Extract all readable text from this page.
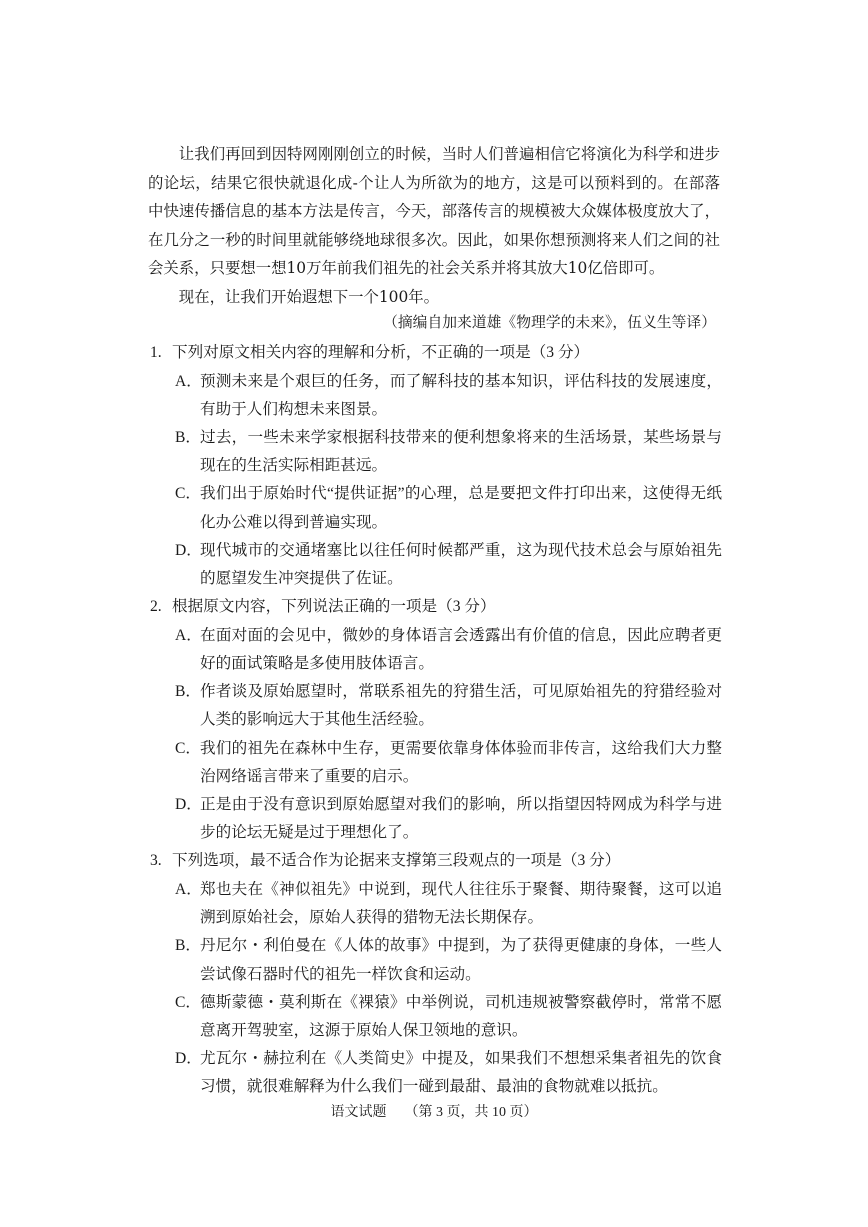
让我们再回到因特网刚刚创立的时候，当时人们普遍相信它将演化为科学和进步的论坛，结果它很快就退化成-个让人为所欲为的地方，这是可以预料到的。在部落中快速传播信息的基本方法是传言，今天，部落传言的规模被大众媒体极度放大了，在几分之一秒的时间里就能够绕地球很多次。因此，如果你想预测将来人们之间的社会关系，只要想一想10万年前我们祖先的社会关系并将其放大10亿倍即可。

现在，让我们开始遐想下一个100年。

（摘编自加来道雄《物理学的未来》，伍义生等译）
1. 下列对原文相关内容的理解和分析，不正确的一项是（3 分）
A．
预测未来是个艰巨的任务，而了解科技的基本知识，评估科技的发展速度，有助于人们构想未来图景。
B． 过去，一些未来学家根据科技带来的便利想象将来的生活场景，某些场景与现在的生活实际相距甚远。
C． 我们出于原始时代“提供证据”的心理，总是要把文件打印出来，这使得无纸化办公难以得到普遍实现。
D．
现代城市的交通堵塞比以往任何时候都严重，这为现代技术总会与原始祖先的愿望发生冲突提供了佐证。
2. 根据原文内容，下列说法正确的一项是（3 分）
A．
在面对面的会见中，微妙的身体语言会透露出有价值的信息，因此应聘者更好的面试策略是多使用肢体语言。
B． 作者谈及原始愿望时，常联系祖先的狩猎生活，可见原始祖先的狩猎经验对人类的影响远大于其他生活经验。
C． 我们的祖先在森林中生存，更需要依靠身体体验而非传言，这给我们大力整治网络谣言带来了重要的启示。
D．
正是由于没有意识到原始愿望对我们的影响，所以指望因特网成为科学与进步的论坛无疑是过于理想化了。
3. 下列选项，最不适合作为论据来支撑第三段观点的一项是（3 分）
A．
郑也夫在《神似祖先》中说到，现代人往往乐于聚餐、期待聚餐，这可以追溯到原始社会，原始人获得的猎物无法长期保存。
B． 丹尼尔・利伯曼在《人体的故事》中提到，为了获得更健康的身体，一些人尝试像石器时代的祖先一样饮食和运动。
C． 德斯蒙德・莫利斯在《裸猿》中举例说，司机违规被警察截停时，常常不愿意离开驾驶室，这源于原始人保卫领地的意识。
D．
尤瓦尔・赫拉利在《人类简史》中提及，如果我们不想想采集者祖先的饮食习惯，就很难解释为什么我们一碰到最甜、最油的食物就难以抵抗。
语文试题 （第 3 页，共 10 页）
